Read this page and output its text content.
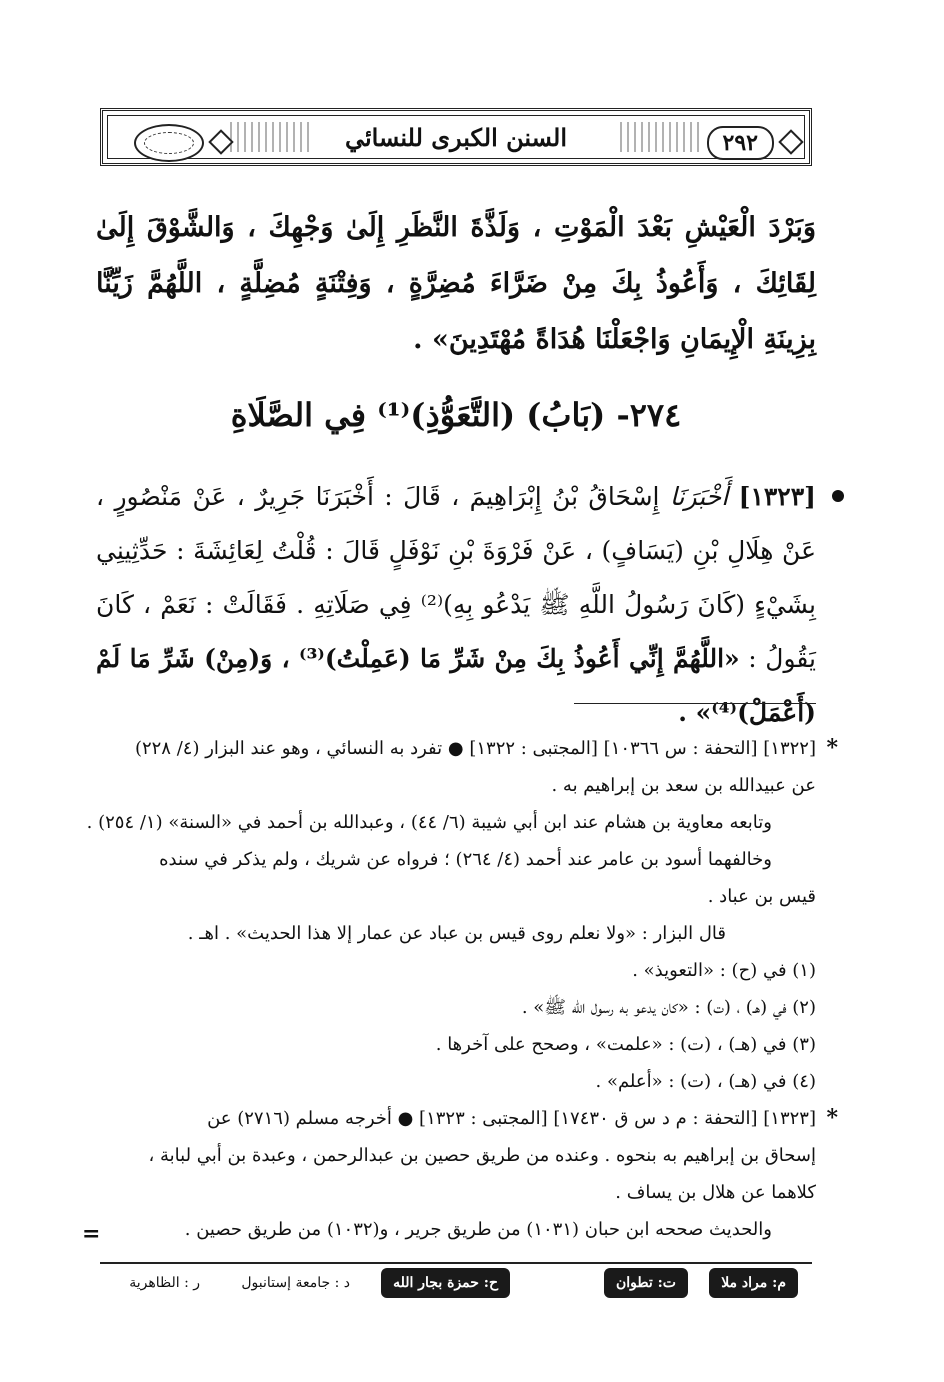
السنن الكبرى للنسائي	٢٩٢
وَبَرْدَ الْعَيْشِ بَعْدَ الْمَوْتِ ، وَلَذَّةَ النَّظَرِ إِلَىٰ وَجْهِكَ ، وَالشَّوْقَ إِلَىٰ لِقَائِكَ ، وَأَعُوذُ بِكَ مِنْ ضَرَّاءَ مُضِرَّةٍ ، وَفِتْنَةٍ مُضِلَّةٍ ، اللَّهُمَّ زَيِّنَّا بِزِينَةِ الْإِيمَانِ وَاجْعَلْنَا هُدَاةً مُهْتَدِينَ» .
٢٧٤- (بَابُ) (التَّعَوُّذِ)⁽¹⁾ فِي الصَّلَاةِ
[١٣٢٣] أَخْبَرَنَا إِسْحَاقُ بْنُ إِبْرَاهِيمَ ، قَالَ : أَخْبَرَنَا جَرِيرٌ ، عَنْ مَنْصُورٍ ، عَنْ هِلَالِ بْنِ (يَسَافٍ) ، عَنْ فَرْوَةَ بْنِ نَوْفَلٍ قَالَ : قُلْتُ لِعَائِشَةَ : حَدِّثِينِي بِشَيْءٍ (كَانَ رَسُولُ اللَّهِ ﷺ يَدْعُو بِهِ)⁽²⁾ فِي صَلَاتِهِ . فَقَالَتْ : نَعَمْ ، كَانَ يَقُولُ : «اللَّهُمَّ إِنِّي أَعُوذُ بِكَ مِنْ شَرِّ مَا (عَمِلْتُ)⁽³⁾ ، وَ(مِنْ) شَرِّ مَا لَمْ (أَعْمَلْ)⁽⁴⁾» .
*
[١٣٢٢] [التحفة : س ١٠٣٦٦] [المجتبى : ١٣٢٢] ● تفرد به النسائي ، وهو عند البزار (٤/ ٢٢٨)
عن عبيدالله بن سعد بن إبراهيم به .
وتابعه معاوية بن هشام عند ابن أبي شيبة (٦/ ٤٤) ، وعبدالله بن أحمد في «السنة» (١/ ٢٥٤) .
وخالفهما أسود بن عامر عند أحمد (٤/ ٢٦٤) ؛ فرواه عن شريك ، ولم يذكر في سنده
قيس بن عباد .
قال البزار : «ولا نعلم روى قيس بن عباد عن عمار إلا هذا الحديث» . اهـ .
(١) في (ح) : «التعويذ» .
(٢) في (هـ) ، (ت) : «كان يدعو به رسول الله ﷺ» .
(٣) في (هـ) ، (ت) : «علمت» ، وصحح على آخرها .
(٤) في (هـ) ، (ت) : «أعلم» .
*
[١٣٢٣] [التحفة : م د س ق ١٧٤٣٠] [المجتبى : ١٣٢٣] ● أخرجه مسلم (٢٧١٦) عن
إسحاق بن إبراهيم به بنحوه . وعنده من طريق حصين بن عبدالرحمن ، وعبدة بن أبي لبابة ،
كلاهما عن هلال بن يساف .
والحديث صححه ابن حبان (١٠٣١) من طريق جرير ، و(١٠٣٢) من طريق حصين .
=
م: مراد ملا
ت: تطوان
ح: حمزة بجار الله
د : جامعة إستانبول
ر : الظاهرية
